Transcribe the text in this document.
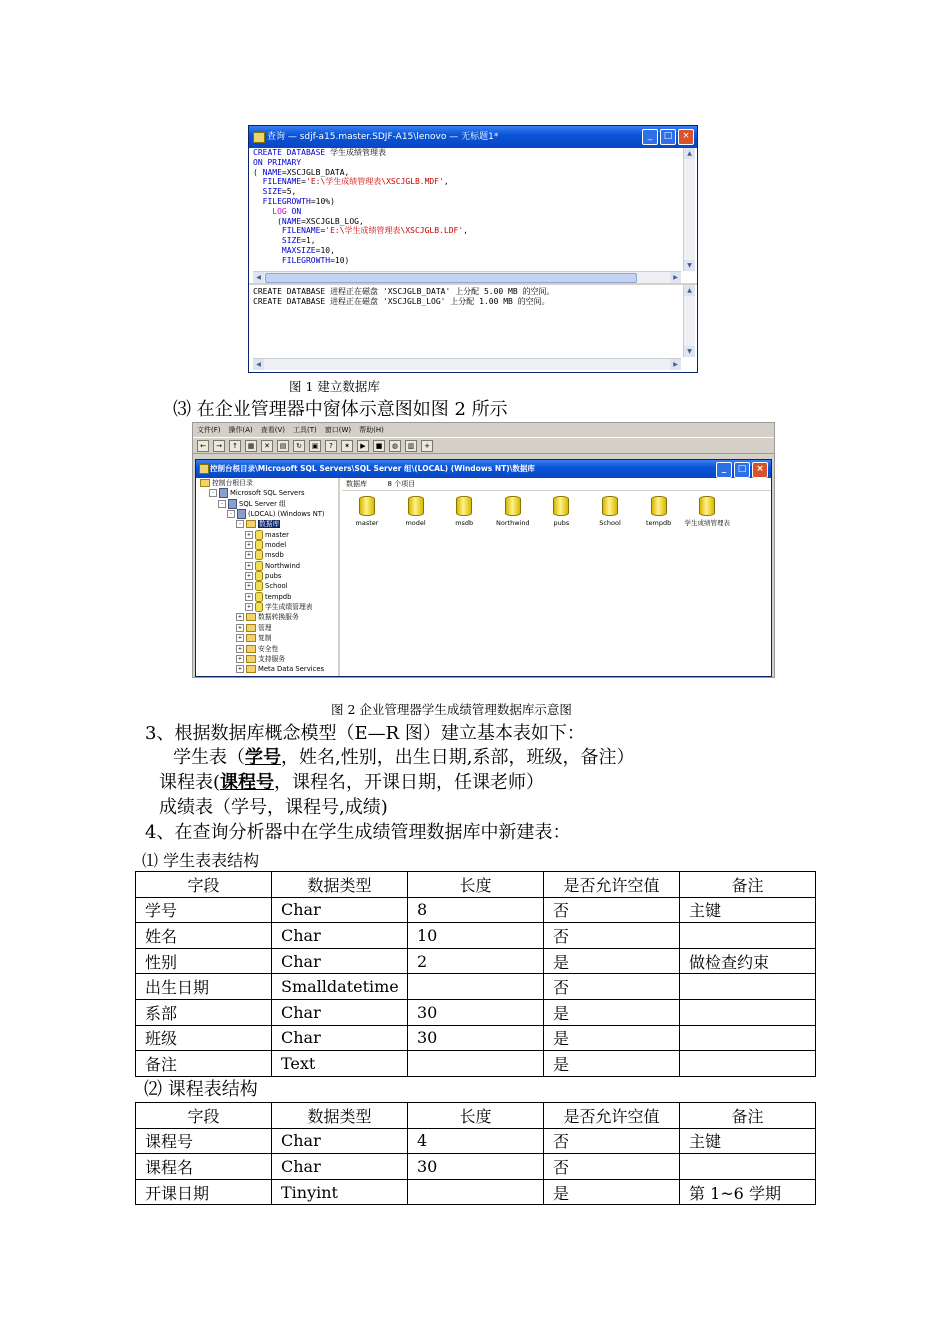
查询 — sdjf-a15.master.SDJF-A15\lenovo — 无标题1*	_	□	×
CREATE DATABASE 学生成绩管理表
ON PRIMARY
( NAME=XSCJGLB_DATA,
FILENAME='E:\学生成绩管理表\XSCJGLB.MDF',
SIZE=5,
FILEGROWTH=10%)
LOG ON
(NAME=XSCJGLB_LOG,
FILENAME='E:\学生成绩管理表\XSCJGLB.LDF',
SIZE=1,
MAXSIZE=10,
FILEGROWTH=10)
▲
▼
◀	▶
CREATE DATABASE 进程正在磁盘 'XSCJGLB_DATA' 上分配 5.00 MB 的空间。
CREATE DATABASE 进程正在磁盘 'XSCJGLB_LOG' 上分配 1.00 MB 的空间。
▲
▼
◀	▶
图 1 建立数据库
⑶ 在企业管理器中窗体示意图如图 2 所示
文件(F) 操作(A) 查看(V) 工具(T) 窗口(W) 帮助(H)
←	→	↑	▦	✕	▤	↻	▣	?	✶	▶	■	◍	▥	+
控制台根目录\Microsoft SQL Servers\SQL Server 组\(LOCAL) (Windows NT)\数据库	_	□	×
控制台根目录
- Microsoft SQL Servers
- SQL Server 组
- (LOCAL) (Windows NT)
-	数据库
+ master
+ model
+ msdb
+ Northwind
+ pubs
+ School
+ tempdb
+ 学生成绩管理表
+ 数据转换服务
+ 管理
+ 复制
+ 安全性
+ 支持服务
+ Meta Data Services
数据库	8 个项目
master	model	msdb	Northwind	pubs	School	tempdb	学生成绩管理表
图 2 企业管理器学生成绩管理数据库示意图
3、根据数据库概念模型（E—R 图）建立基本表如下：
学生表（学号，姓名,性别，出生日期,系部，班级，备注）
课程表(课程号，课程名，开课日期，任课老师）
成绩表（学号，课程号,成绩)
4、在查询分析器中在学生成绩管理数据库中新建表：
⑴ 学生表表结构
字段	数据类型	长度	是否允许空值	备注
学号	Char	8	否	主键
姓名	Char	10	否	
性别	Char	2	是	做检查约束
出生日期	Smalldatetime		否	
系部	Char	30	是	
班级	Char	30	是	
备注	Text		是	
⑵ 课程表结构
字段	数据类型	长度	是否允许空值	备注
课程号	Char	4	否	主键
课程名	Char	30	否	
开课日期	Tinyint		是	第 1~6 学期
